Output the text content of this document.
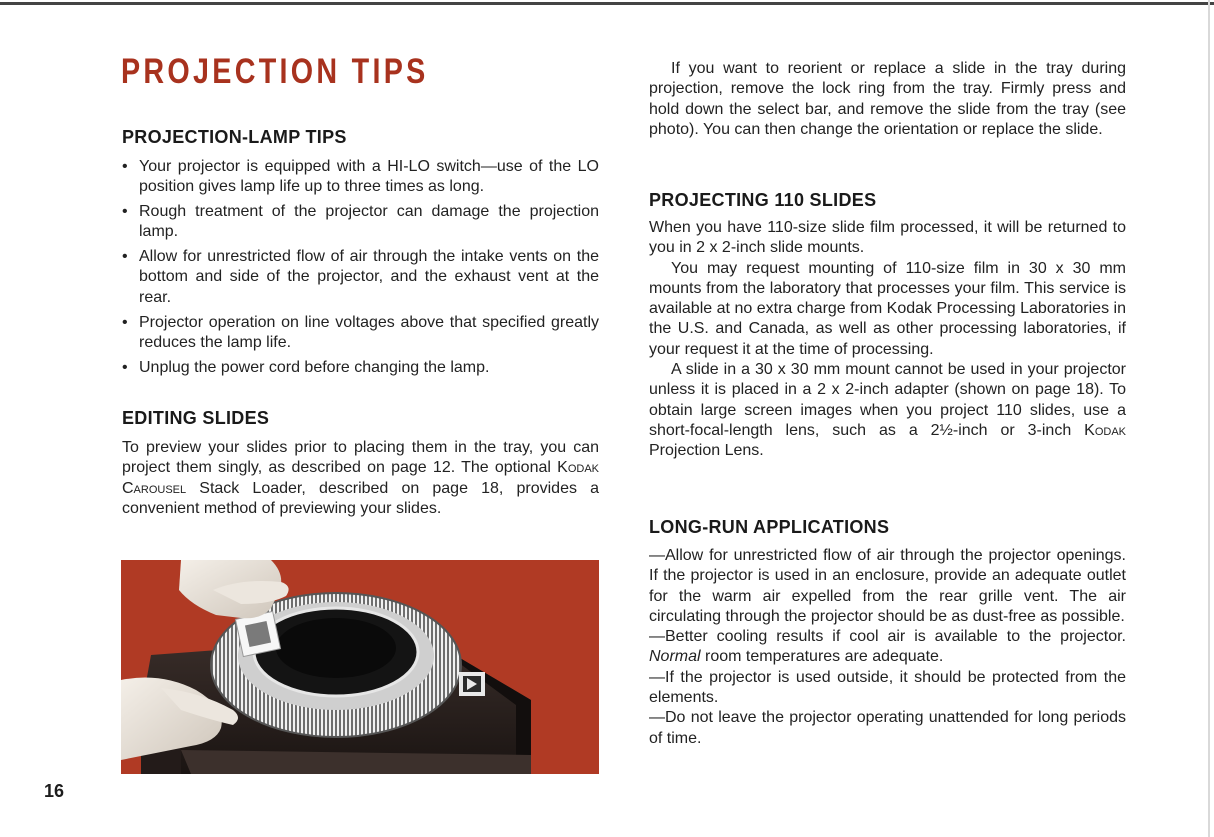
PROJECTION TIPS
PROJECTION-LAMP TIPS
• Your projector is equipped with a HI-LO switch—use of the LO position gives lamp life up to three times as long.
• Rough treatment of the projector can damage the projection lamp.
• Allow for unrestricted flow of air through the intake vents on the bottom and side of the projector, and the exhaust vent at the rear.
• Projector operation on line voltages above that specified greatly reduces the lamp life.
• Unplug the power cord before changing the lamp.
EDITING SLIDES

To preview your slides prior to placing them in the tray, you can project them singly, as described on page 12. The optional Kodak Carousel Stack Loader, described on page 18, provides a convenient method of previewing your slides.

16

If you want to reorient or replace a slide in the tray during projection, remove the lock ring from the tray. Firmly press and hold down the select bar, and remove the slide from the tray (see photo). You can then change the orientation or replace the slide.

PROJECTING 110 SLIDES

When you have 110-size slide film processed, it will be returned to you in 2 x 2-inch slide mounts.

You may request mounting of 110-size film in 30 x 30 mm mounts from the laboratory that processes your film. This service is available at no extra charge from Kodak Processing Laboratories in the U.S. and Canada, as well as other processing laboratories, if your request it at the time of processing.

A slide in a 30 x 30 mm mount cannot be used in your projector unless it is placed in a 2 x 2-inch adapter (shown on page 18). To obtain large screen images when you project 110 slides, use a short-focal-length lens, such as a 2½-inch or 3-inch Kodak Projection Lens.

LONG-RUN APPLICATIONS

—Allow for unrestricted flow of air through the projector openings. If the projector is used in an enclosure, provide an adequate outlet for the warm air expelled from the rear grille vent. The air circulating through the projector should be as dust-free as possible.

—Better cooling results if cool air is available to the projector. Normal room temperatures are adequate.

—If the projector is used outside, it should be protected from the elements.

—Do not leave the projector operating unattended for long periods of time.
